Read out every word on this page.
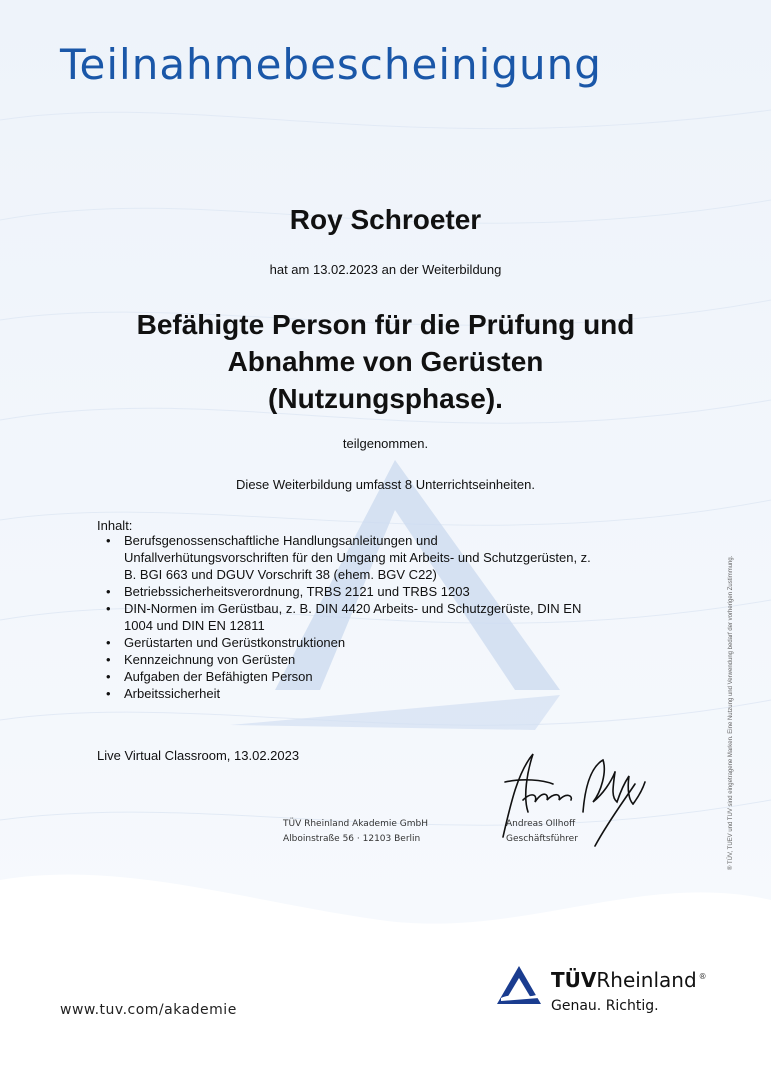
Teilnahmebescheinigung
Roy Schroeter
hat am 13.02.2023 an der Weiterbildung
Befähigte Person für die Prüfung und
Abnahme von Gerüsten
(Nutzungsphase).
teilgenommen.
Diese Weiterbildung umfasst 8 Unterrichtseinheiten.
Inhalt:
• Berufsgenossenschaftliche Handlungsanleitungen und Unfallverhütungsvorschriften für den Umgang mit Arbeits- und Schutzgerüsten, z. B. BGI 663 und DGUV Vorschrift 38 (ehem. BGV C22)
• Betriebssicherheitsverordnung, TRBS 2121 und TRBS 1203
• DIN-Normen im Gerüstbau, z. B. DIN 4420 Arbeits- und Schutzgerüste, DIN EN 1004 und DIN EN 12811
• Gerüstarten und Gerüstkonstruktionen
• Kennzeichnung von Gerüsten
• Aufgaben der Befähigten Person
• Arbeitssicherheit
Live Virtual Classroom, 13.02.2023
TÜV Rheinland Akademie GmbH
Alboinstraße 56 · 12103 Berlin
Andreas Ollhoff
Geschäftsführer	® TÜV, TUEV und TUV sind eingetragene Marken. Eine Nutzung und Verwendung bedarf der vorherigen Zustimmung.
www.tuv.com/akademie
TÜVRheinland ®
Genau. Richtig.
